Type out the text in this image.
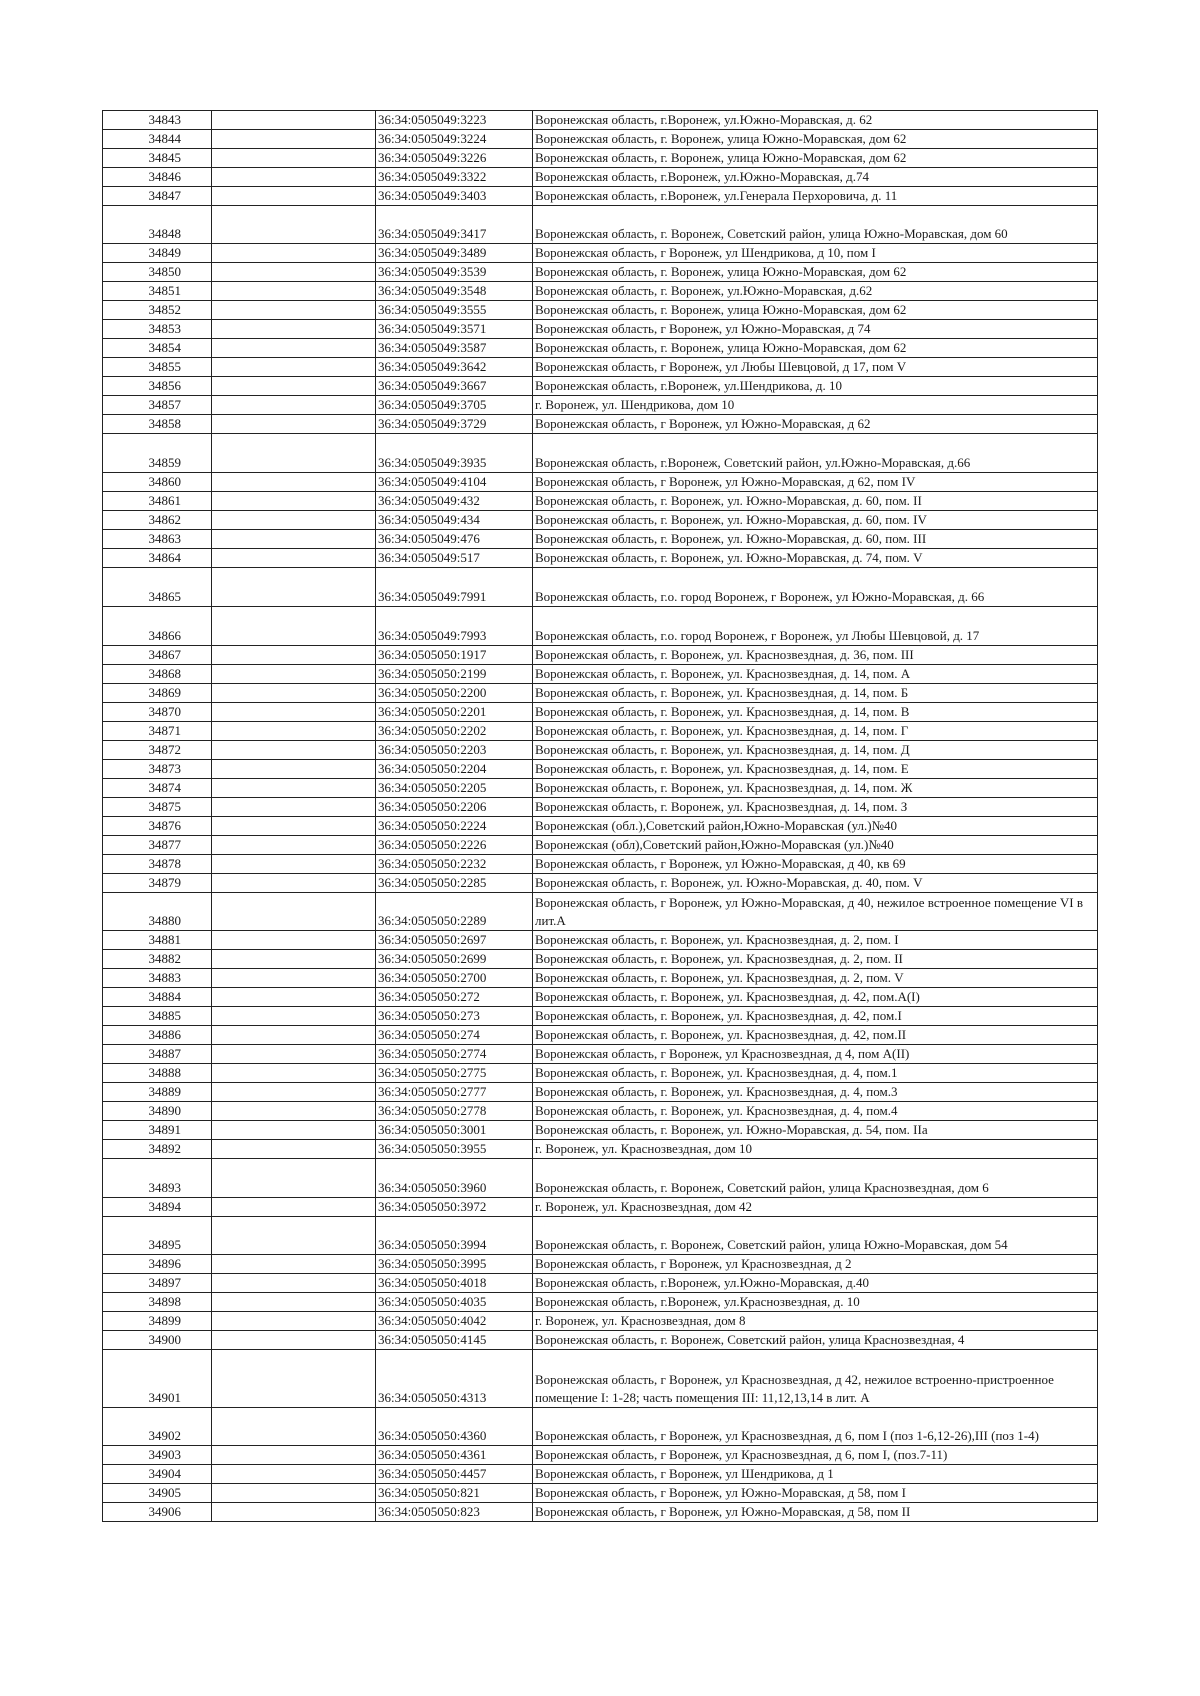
34843		36:34:0505049:3223	Воронежская область, г.Воронеж, ул.Южно-Моравская, д. 62
34844		36:34:0505049:3224	Воронежская область, г. Воронеж, улица Южно-Моравская, дом 62
34845		36:34:0505049:3226	Воронежская область, г. Воронеж, улица Южно-Моравская, дом 62
34846		36:34:0505049:3322	Воронежская область, г.Воронеж, ул.Южно-Моравская, д.74
34847		36:34:0505049:3403	Воронежская область, г.Воронеж, ул.Генерала Перхоровича, д. 11
34848		36:34:0505049:3417	Воронежская область, г. Воронеж, Советский район, улица Южно-Моравская, дом 60
34849		36:34:0505049:3489	Воронежская область, г Воронеж, ул Шендрикова, д 10, пом I
34850		36:34:0505049:3539	Воронежская область, г. Воронеж, улица Южно-Моравская, дом 62
34851		36:34:0505049:3548	Воронежская область, г. Воронеж, ул.Южно-Моравская, д.62
34852		36:34:0505049:3555	Воронежская область, г. Воронеж, улица Южно-Моравская, дом 62
34853		36:34:0505049:3571	Воронежская область, г Воронеж, ул Южно-Моравская, д 74
34854		36:34:0505049:3587	Воронежская область, г. Воронеж, улица Южно-Моравская, дом 62
34855		36:34:0505049:3642	Воронежская область, г Воронеж, ул Любы Шевцовой, д 17, пом V
34856		36:34:0505049:3667	Воронежская область, г.Воронеж, ул.Шендрикова, д. 10
34857		36:34:0505049:3705	г. Воронеж, ул. Шендрикова, дом 10
34858		36:34:0505049:3729	Воронежская область, г Воронеж, ул Южно-Моравская, д 62
34859		36:34:0505049:3935	Воронежская область, г.Воронеж, Советский район, ул.Южно-Моравская, д.66
34860		36:34:0505049:4104	Воронежская область, г Воронеж, ул Южно-Моравская, д 62, пом IV
34861		36:34:0505049:432	Воронежская область, г. Воронеж, ул. Южно-Моравская, д. 60, пом. II
34862		36:34:0505049:434	Воронежская область, г. Воронеж, ул. Южно-Моравская, д. 60, пом. IV
34863		36:34:0505049:476	Воронежская область, г. Воронеж, ул. Южно-Моравская, д. 60, пом. III
34864		36:34:0505049:517	Воронежская область, г. Воронеж, ул. Южно-Моравская, д. 74, пом. V
34865		36:34:0505049:7991	Воронежская область, г.о. город Воронеж, г Воронеж, ул Южно-Моравская, д. 66
34866		36:34:0505049:7993	Воронежская область, г.о. город Воронеж, г Воронеж, ул Любы Шевцовой, д. 17
34867		36:34:0505050:1917	Воронежская область, г. Воронеж, ул. Краснозвездная, д. 36, пом. III
34868		36:34:0505050:2199	Воронежская область, г. Воронеж, ул. Краснозвездная, д. 14, пом. А
34869		36:34:0505050:2200	Воронежская область, г. Воронеж, ул. Краснозвездная, д. 14, пом. Б
34870		36:34:0505050:2201	Воронежская область, г. Воронеж, ул. Краснозвездная, д. 14, пом. В
34871		36:34:0505050:2202	Воронежская область, г. Воронеж, ул. Краснозвездная, д. 14, пом. Г
34872		36:34:0505050:2203	Воронежская область, г. Воронеж, ул. Краснозвездная, д. 14, пом. Д
34873		36:34:0505050:2204	Воронежская область, г. Воронеж, ул. Краснозвездная, д. 14, пом. Е
34874		36:34:0505050:2205	Воронежская область, г. Воронеж, ул. Краснозвездная, д. 14, пом. Ж
34875		36:34:0505050:2206	Воронежская область, г. Воронеж, ул. Краснозвездная, д. 14, пом. З
34876		36:34:0505050:2224	Воронежская (обл.),Советский район,Южно-Моравская (ул.)№40
34877		36:34:0505050:2226	Воронежская (обл),Советский район,Южно-Моравская (ул.)№40
34878		36:34:0505050:2232	Воронежская область, г Воронеж, ул Южно-Моравская, д 40, кв 69
34879		36:34:0505050:2285	Воронежская область, г. Воронеж, ул. Южно-Моравская, д. 40, пом. V
34880		36:34:0505050:2289	Воронежская область, г Воронеж, ул Южно-Моравская, д 40, нежилое встроенное помещение VI в лит.А
34881		36:34:0505050:2697	Воронежская область, г. Воронеж, ул. Краснозвездная, д. 2, пом. I
34882		36:34:0505050:2699	Воронежская область, г. Воронеж, ул. Краснозвездная, д. 2, пом. II
34883		36:34:0505050:2700	Воронежская область, г. Воронеж, ул. Краснозвездная, д. 2, пом. V
34884		36:34:0505050:272	Воронежская область, г. Воронеж, ул. Краснозвездная, д. 42, пом.А(I)
34885		36:34:0505050:273	Воронежская область, г. Воронеж, ул. Краснозвездная, д. 42, пом.I
34886		36:34:0505050:274	Воронежская область, г. Воронеж, ул. Краснозвездная, д. 42, пом.II
34887		36:34:0505050:2774	Воронежская область, г Воронеж, ул Краснозвездная, д 4, пом А(II)
34888		36:34:0505050:2775	Воронежская область, г. Воронеж, ул. Краснозвездная, д. 4, пом.1
34889		36:34:0505050:2777	Воронежская область, г. Воронеж, ул. Краснозвездная, д. 4, пом.3
34890		36:34:0505050:2778	Воронежская область, г. Воронеж, ул. Краснозвездная, д. 4, пом.4
34891		36:34:0505050:3001	Воронежская область, г. Воронеж, ул. Южно-Моравская, д. 54, пом. IIа
34892		36:34:0505050:3955	г. Воронеж, ул. Краснозвездная, дом 10
34893		36:34:0505050:3960	Воронежская область, г. Воронеж, Советский район, улица Краснозвездная, дом 6
34894		36:34:0505050:3972	г. Воронеж, ул. Краснозвездная, дом 42
34895		36:34:0505050:3994	Воронежская область, г. Воронеж, Советский район, улица Южно-Моравская, дом 54
34896		36:34:0505050:3995	Воронежская область, г Воронеж, ул Краснозвездная, д 2
34897		36:34:0505050:4018	Воронежская область, г.Воронеж, ул.Южно-Моравская, д.40
34898		36:34:0505050:4035	Воронежская область, г.Воронеж, ул.Краснозвездная, д. 10
34899		36:34:0505050:4042	г. Воронеж, ул. Краснозвездная, дом 8
34900		36:34:0505050:4145	Воронежская область, г. Воронеж, Советский район, улица Краснозвездная, 4
34901		36:34:0505050:4313	Воронежская область, г Воронеж, ул Краснозвездная, д 42, нежилое встроенно-пристроенное помещение I: 1-28; часть помещения III: 11,12,13,14 в лит. А
34902		36:34:0505050:4360	Воронежская область, г Воронеж, ул Краснозвездная, д 6, пом I (поз 1-6,12-26),III (поз 1-4)
34903		36:34:0505050:4361	Воронежская область, г Воронеж, ул Краснозвездная, д 6, пом I, (поз.7-11)
34904		36:34:0505050:4457	Воронежская область, г Воронеж, ул Шендрикова, д 1
34905		36:34:0505050:821	Воронежская область, г Воронеж, ул Южно-Моравская, д 58, пом I
34906		36:34:0505050:823	Воронежская область, г Воронеж, ул Южно-Моравская, д 58, пом II
